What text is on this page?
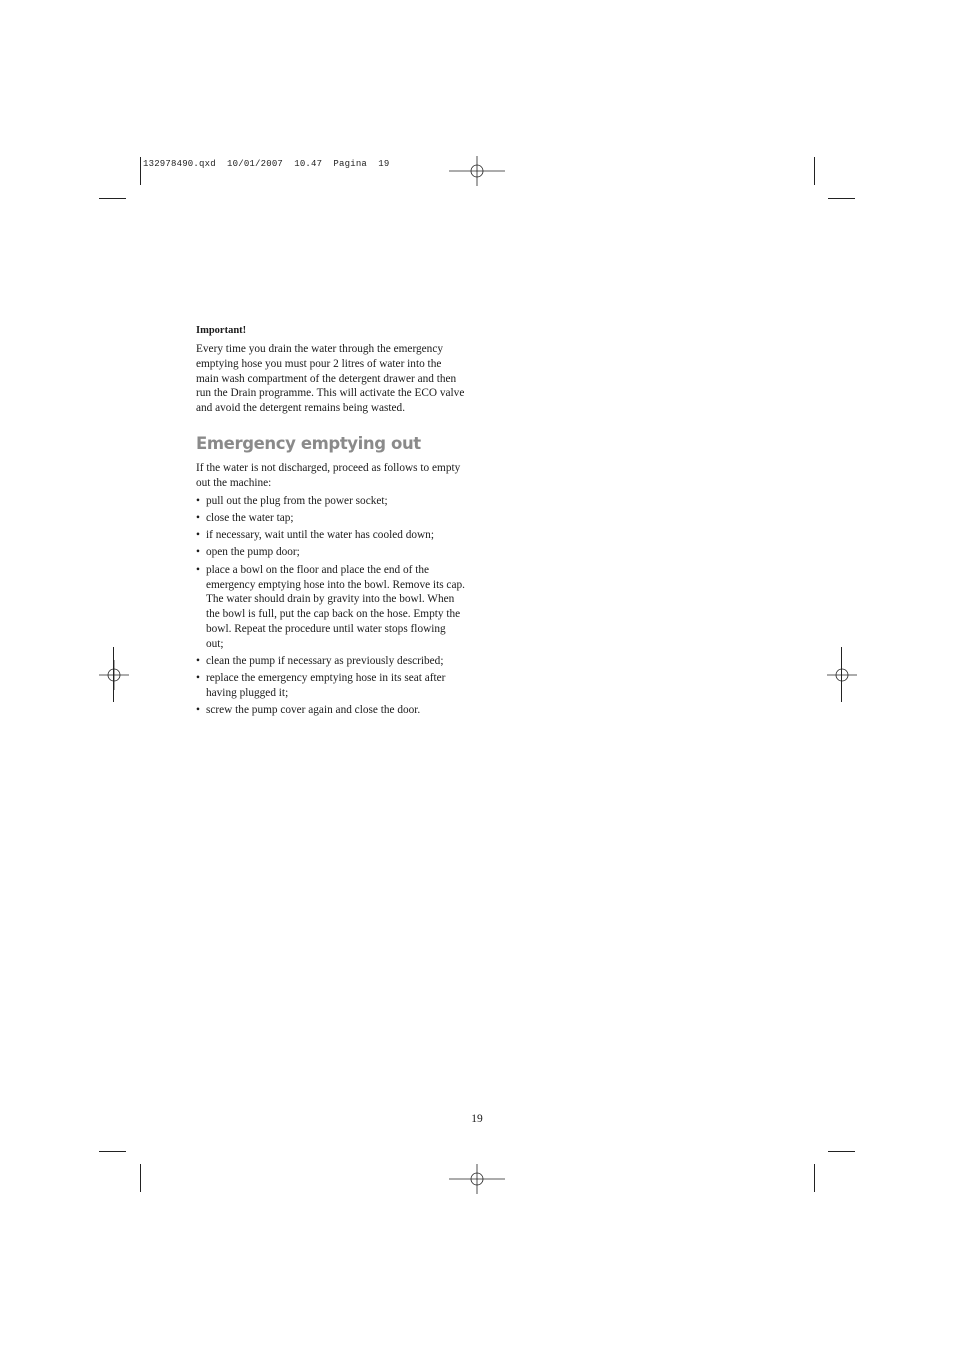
132978490.qxd  10/01/2007  10.47  Pagina  19

Important!

Every time you drain the water through the emergency emptying hose you must pour 2 litres of water into the main wash compartment of the detergent drawer and then run the Drain programme. This will activate the ECO valve and avoid the detergent remains being wasted.

Emergency emptying out

If the water is not discharged, proceed as follows to empty out the machine:

• pull out the plug from the power socket;
• close the water tap;
• if necessary, wait until the water has cooled down;
• open the pump door;
• place a bowl on the floor and place the end of the emergency emptying hose into the bowl. Remove its cap. The water should drain by gravity into the bowl. When the bowl is full, put the cap back on the hose. Empty the bowl. Repeat the procedure until water stops flowing out;
• clean the pump if necessary as previously described;
• replace the emergency emptying hose in its seat after having plugged it;
• screw the pump cover again and close the door.
19
